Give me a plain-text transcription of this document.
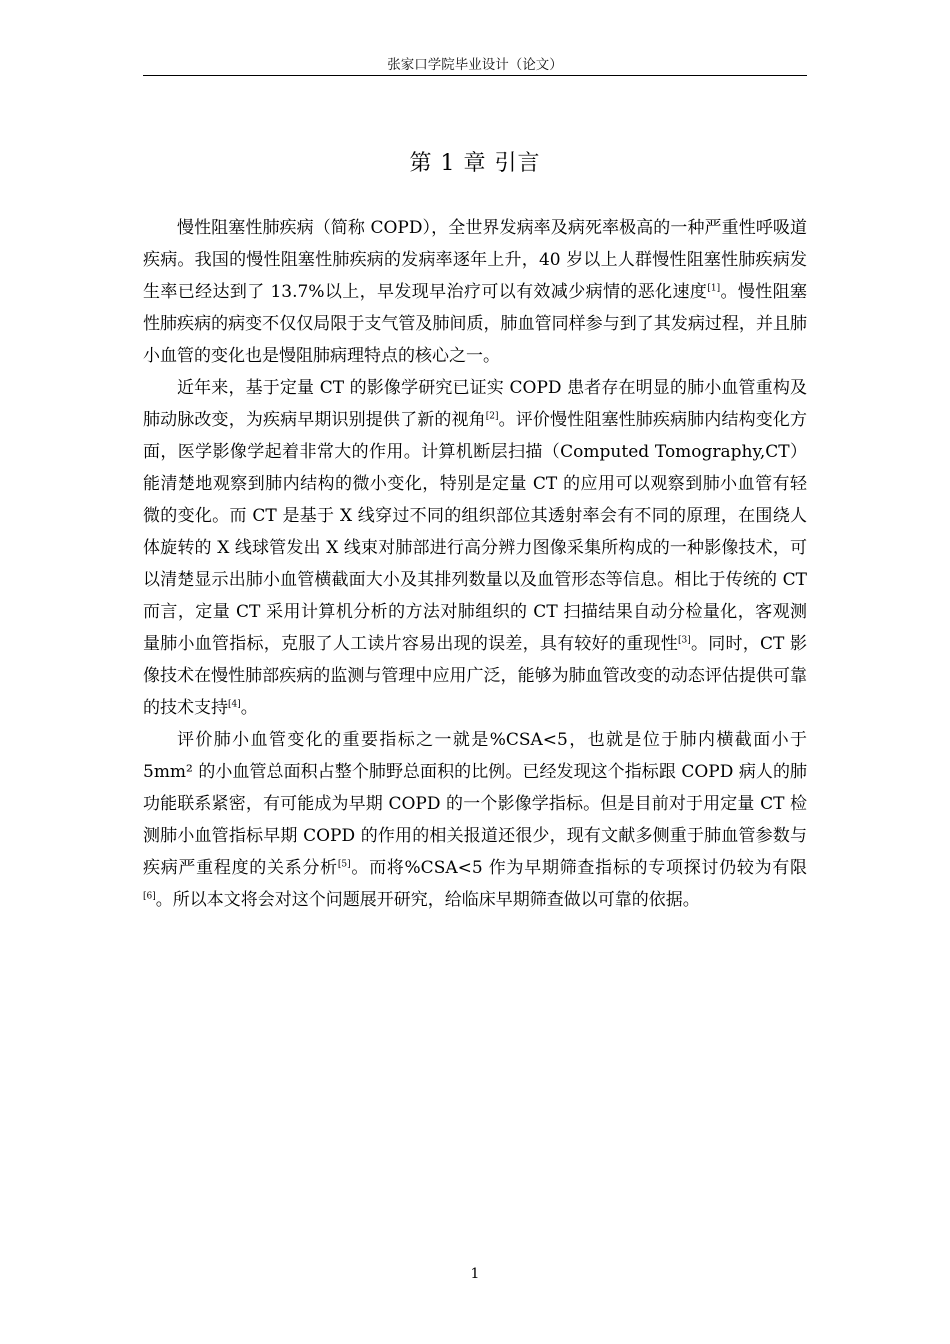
张家口学院毕业设计（论文）
第 1 章 引言

慢性阻塞性肺疾病（简称 COPD），全世界发病率及病死率极高的一种严重性呼吸道疾病。我国的慢性阻塞性肺疾病的发病率逐年上升，40 岁以上人群慢性阻塞性肺疾病发生率已经达到了 13.7%以上，早发现早治疗可以有效减少病情的恶化速度[1]。慢性阻塞性肺疾病的病变不仅仅局限于支气管及肺间质，肺血管同样参与到了其发病过程，并且肺小血管的变化也是慢阻肺病理特点的核心之一。

近年来，基于定量 CT 的影像学研究已证实 COPD 患者存在明显的肺小血管重构及肺动脉改变，为疾病早期识别提供了新的视角[2]。评价慢性阻塞性肺疾病肺内结构变化方面，医学影像学起着非常大的作用。计算机断层扫描（Computed Tomography,CT）能清楚地观察到肺内结构的微小变化，特别是定量 CT 的应用可以观察到肺小血管有轻微的变化。而 CT 是基于 X 线穿过不同的组织部位其透射率会有不同的原理，在围绕人体旋转的 X 线球管发出 X 线束对肺部进行高分辨力图像采集所构成的一种影像技术，可以清楚显示出肺小血管横截面大小及其排列数量以及血管形态等信息。相比于传统的 CT 而言，定量 CT 采用计算机分析的方法对肺组织的 CT 扫描结果自动分检量化，客观测量肺小血管指标，克服了人工读片容易出现的误差，具有较好的重现性[3]。同时，CT 影像技术在慢性肺部疾病的监测与管理中应用广泛，能够为肺血管改变的动态评估提供可靠的技术支持[4]。

评价肺小血管变化的重要指标之一就是%CSA<5，也就是位于肺内横截面小于 5mm² 的小血管总面积占整个肺野总面积的比例。已经发现这个指标跟 COPD 病人的肺功能联系紧密，有可能成为早期 COPD 的一个影像学指标。但是目前对于用定量 CT 检测肺小血管指标早期 COPD 的作用的相关报道还很少，现有文献多侧重于肺血管参数与疾病严重程度的关系分析[5]。而将%CSA<5 作为早期筛查指标的专项探讨仍较为有限[6]。所以本文将会对这个问题展开研究，给临床早期筛查做以可靠的依据。

1
